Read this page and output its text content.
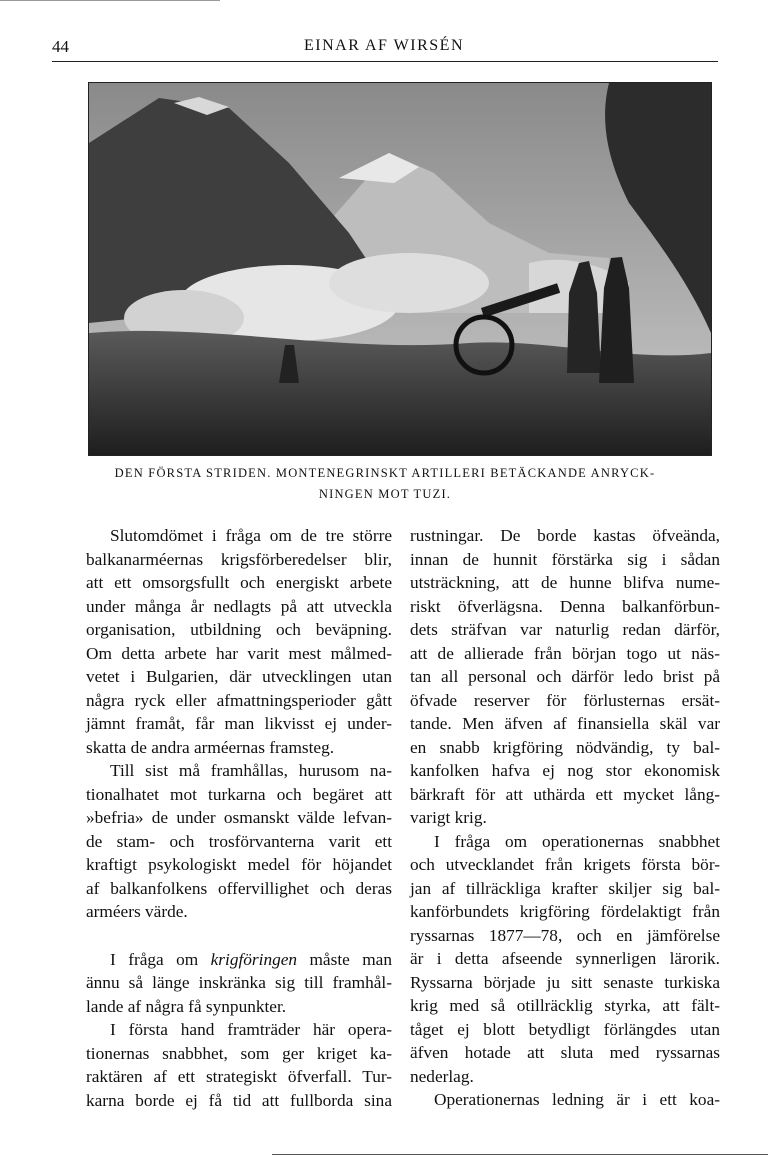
44	EINAR AF WIRSÉN
DEN FÖRSTA STRIDEN. MONTENEGRINSKT ARTILLERI BETÄCKANDE ANRYCK-
NINGEN MOT TUZI.
Slutomdömet i fråga om de tre större
balkanarméernas krigsförberedelser blir,
att ett omsorgsfullt och energiskt arbete
under många år nedlagts på att utveckla
organisation, utbildning och beväpning.
Om detta arbete har varit mest målmed-
vetet i Bulgarien, där utvecklingen utan
några ryck eller afmattningsperioder gått
jämnt framåt, får man likvisst ej under-
skatta de andra arméernas framsteg.
Till sist må framhållas, hurusom na-
tionalhatet mot turkarna och begäret att
»befria» de under osmanskt välde lefvan-
de stam- och trosförvanterna varit ett
kraftigt psykologiskt medel för höjandet
af balkanfolkens offervillighet och deras
arméers värde.
I fråga om krigföringen måste man
ännu så länge inskränka sig till framhål-
lande af några få synpunkter.
I första hand framträder här opera-
tionernas snabbhet, som ger kriget ka-
raktären af ett strategiskt öfverfall. Tur-
karna borde ej få tid att fullborda sina
rustningar. De borde kastas öfveända,
innan de hunnit förstärka sig i sådan
utsträckning, att de hunne blifva nume-
riskt öfverlägsna. Denna balkanförbun-
dets sträfvan var naturlig redan därför,
att de allierade från början togo ut näs-
tan all personal och därför ledo brist på
öfvade reserver för förlusternas ersät-
tande. Men äfven af finansiella skäl var
en snabb krigföring nödvändig, ty bal-
kanfolken hafva ej nog stor ekonomisk
bärkraft för att uthärda ett mycket lång-
varigt krig.
I fråga om operationernas snabbhet
och utvecklandet från krigets första bör-
jan af tillräckliga krafter skiljer sig bal-
kanförbundets krigföring fördelaktigt från
ryssarnas 1877—78, och en jämförelse
är i detta afseende synnerligen lärorik.
Ryssarna började ju sitt senaste turkiska
krig med så otillräcklig styrka, att fält-
tåget ej blott betydligt förlängdes utan
äfven hotade att sluta med ryssarnas
nederlag.
Operationernas ledning är i ett koa-
